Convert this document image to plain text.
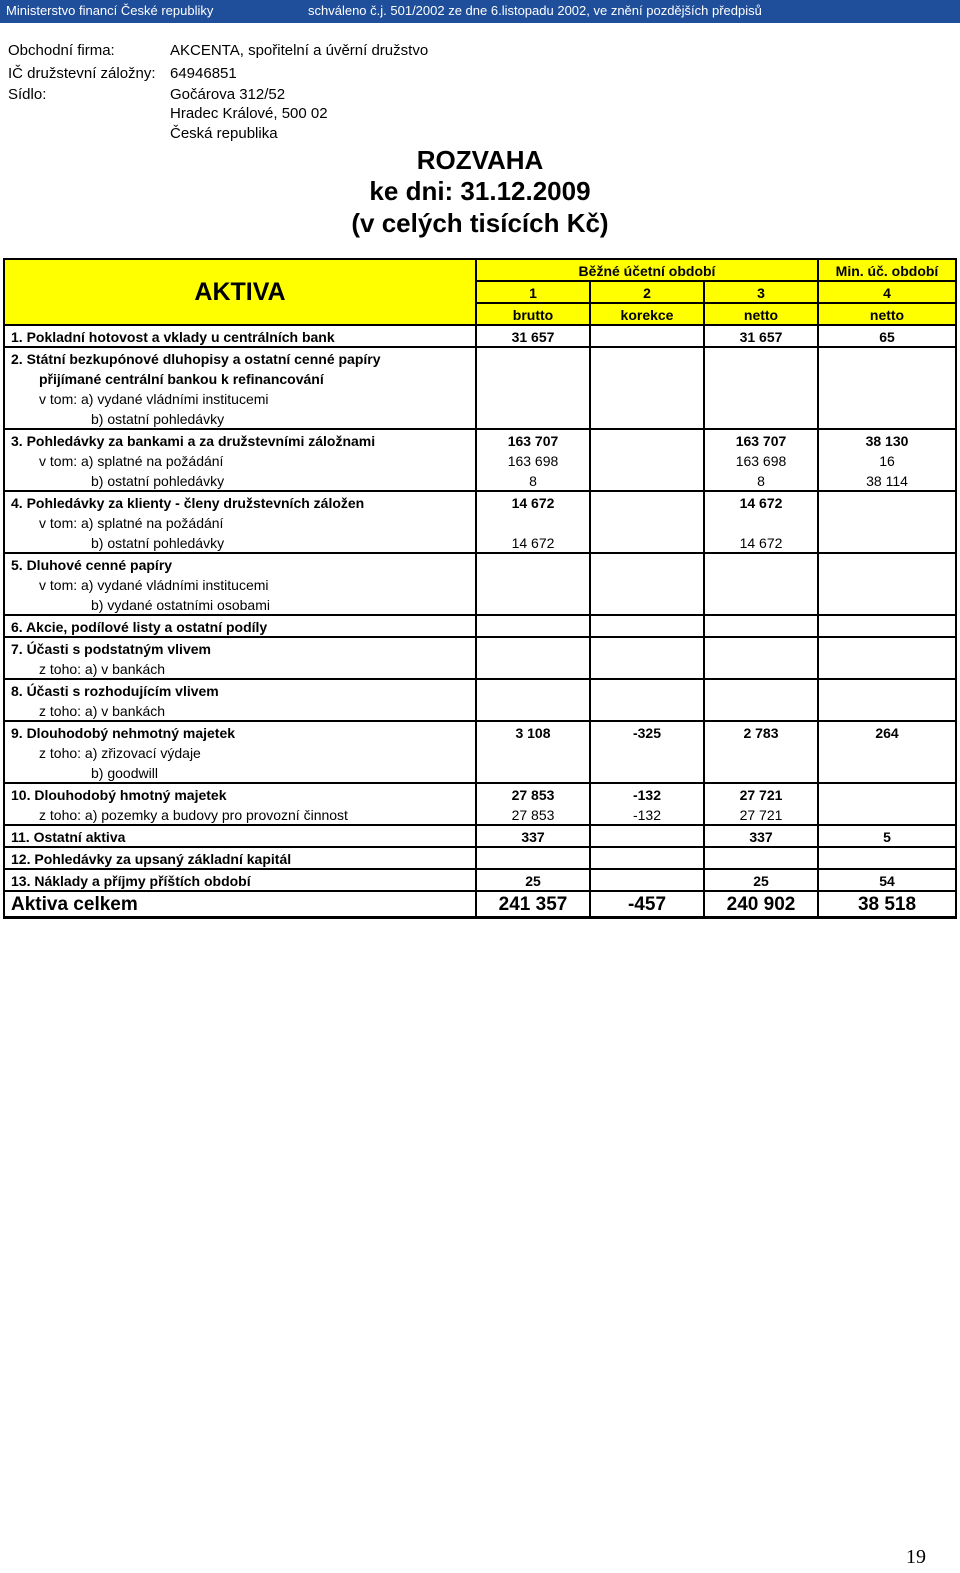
Ministerstvo financí České republiky	schváleno č.j. 501/2002 ze dne 6.listopadu 2002, ve znění pozdějších předpisů
Obchodní firma:	AKCENTA, spořitelní a úvěrní družstvo
IČ družstevní záložny: 64946851
Sídlo:	Gočárova 312/52
Hradec Králové, 500 02
Česká republika
ROZVAHA
ke dni: 31.12.2009
(v celých tisících Kč)
AKTIVA	Běžné účetní období			Min. úč. období
	1	2	3	4
	brutto	korekce	netto	netto
1. Pokladní hotovost a vklady u centrálních bank	31 657		31 657	65
2. Státní bezkupónové dluhopisy a ostatní cenné papíry				
přijímané centrální bankou k refinancování				
v tom: a) vydané vládními institucemi				
b) ostatní pohledávky				
3. Pohledávky za bankami a za družstevními záložnami	163 707		163 707	38 130
v tom: a) splatné na požádání	163 698		163 698	16
b) ostatní pohledávky	8		8	38 114
4. Pohledávky za klienty - členy družstevních záložen	14 672		14 672	
v tom: a) splatné na požádání				
b) ostatní pohledávky	14 672		14 672	
5. Dluhové cenné papíry				
v tom: a) vydané vládními institucemi				
b) vydané ostatními osobami				
6. Akcie, podílové listy a ostatní podíly				
7. Účasti s podstatným vlivem				
z toho: a) v bankách				
8. Účasti s rozhodujícím vlivem				
z toho: a) v bankách				
9. Dlouhodobý nehmotný majetek	3 108	-325	2 783	264
z toho: a) zřizovací výdaje				
b) goodwill				
10. Dlouhodobý hmotný majetek	27 853	-132	27 721	
z toho: a) pozemky a budovy pro provozní činnost	27 853	-132	27 721	
11. Ostatní aktiva	337		337	5
12. Pohledávky za upsaný základní kapitál				
13. Náklady a příjmy příštích období	25		25	54
Aktiva celkem	241 357	-457	240 902	38 518
19
